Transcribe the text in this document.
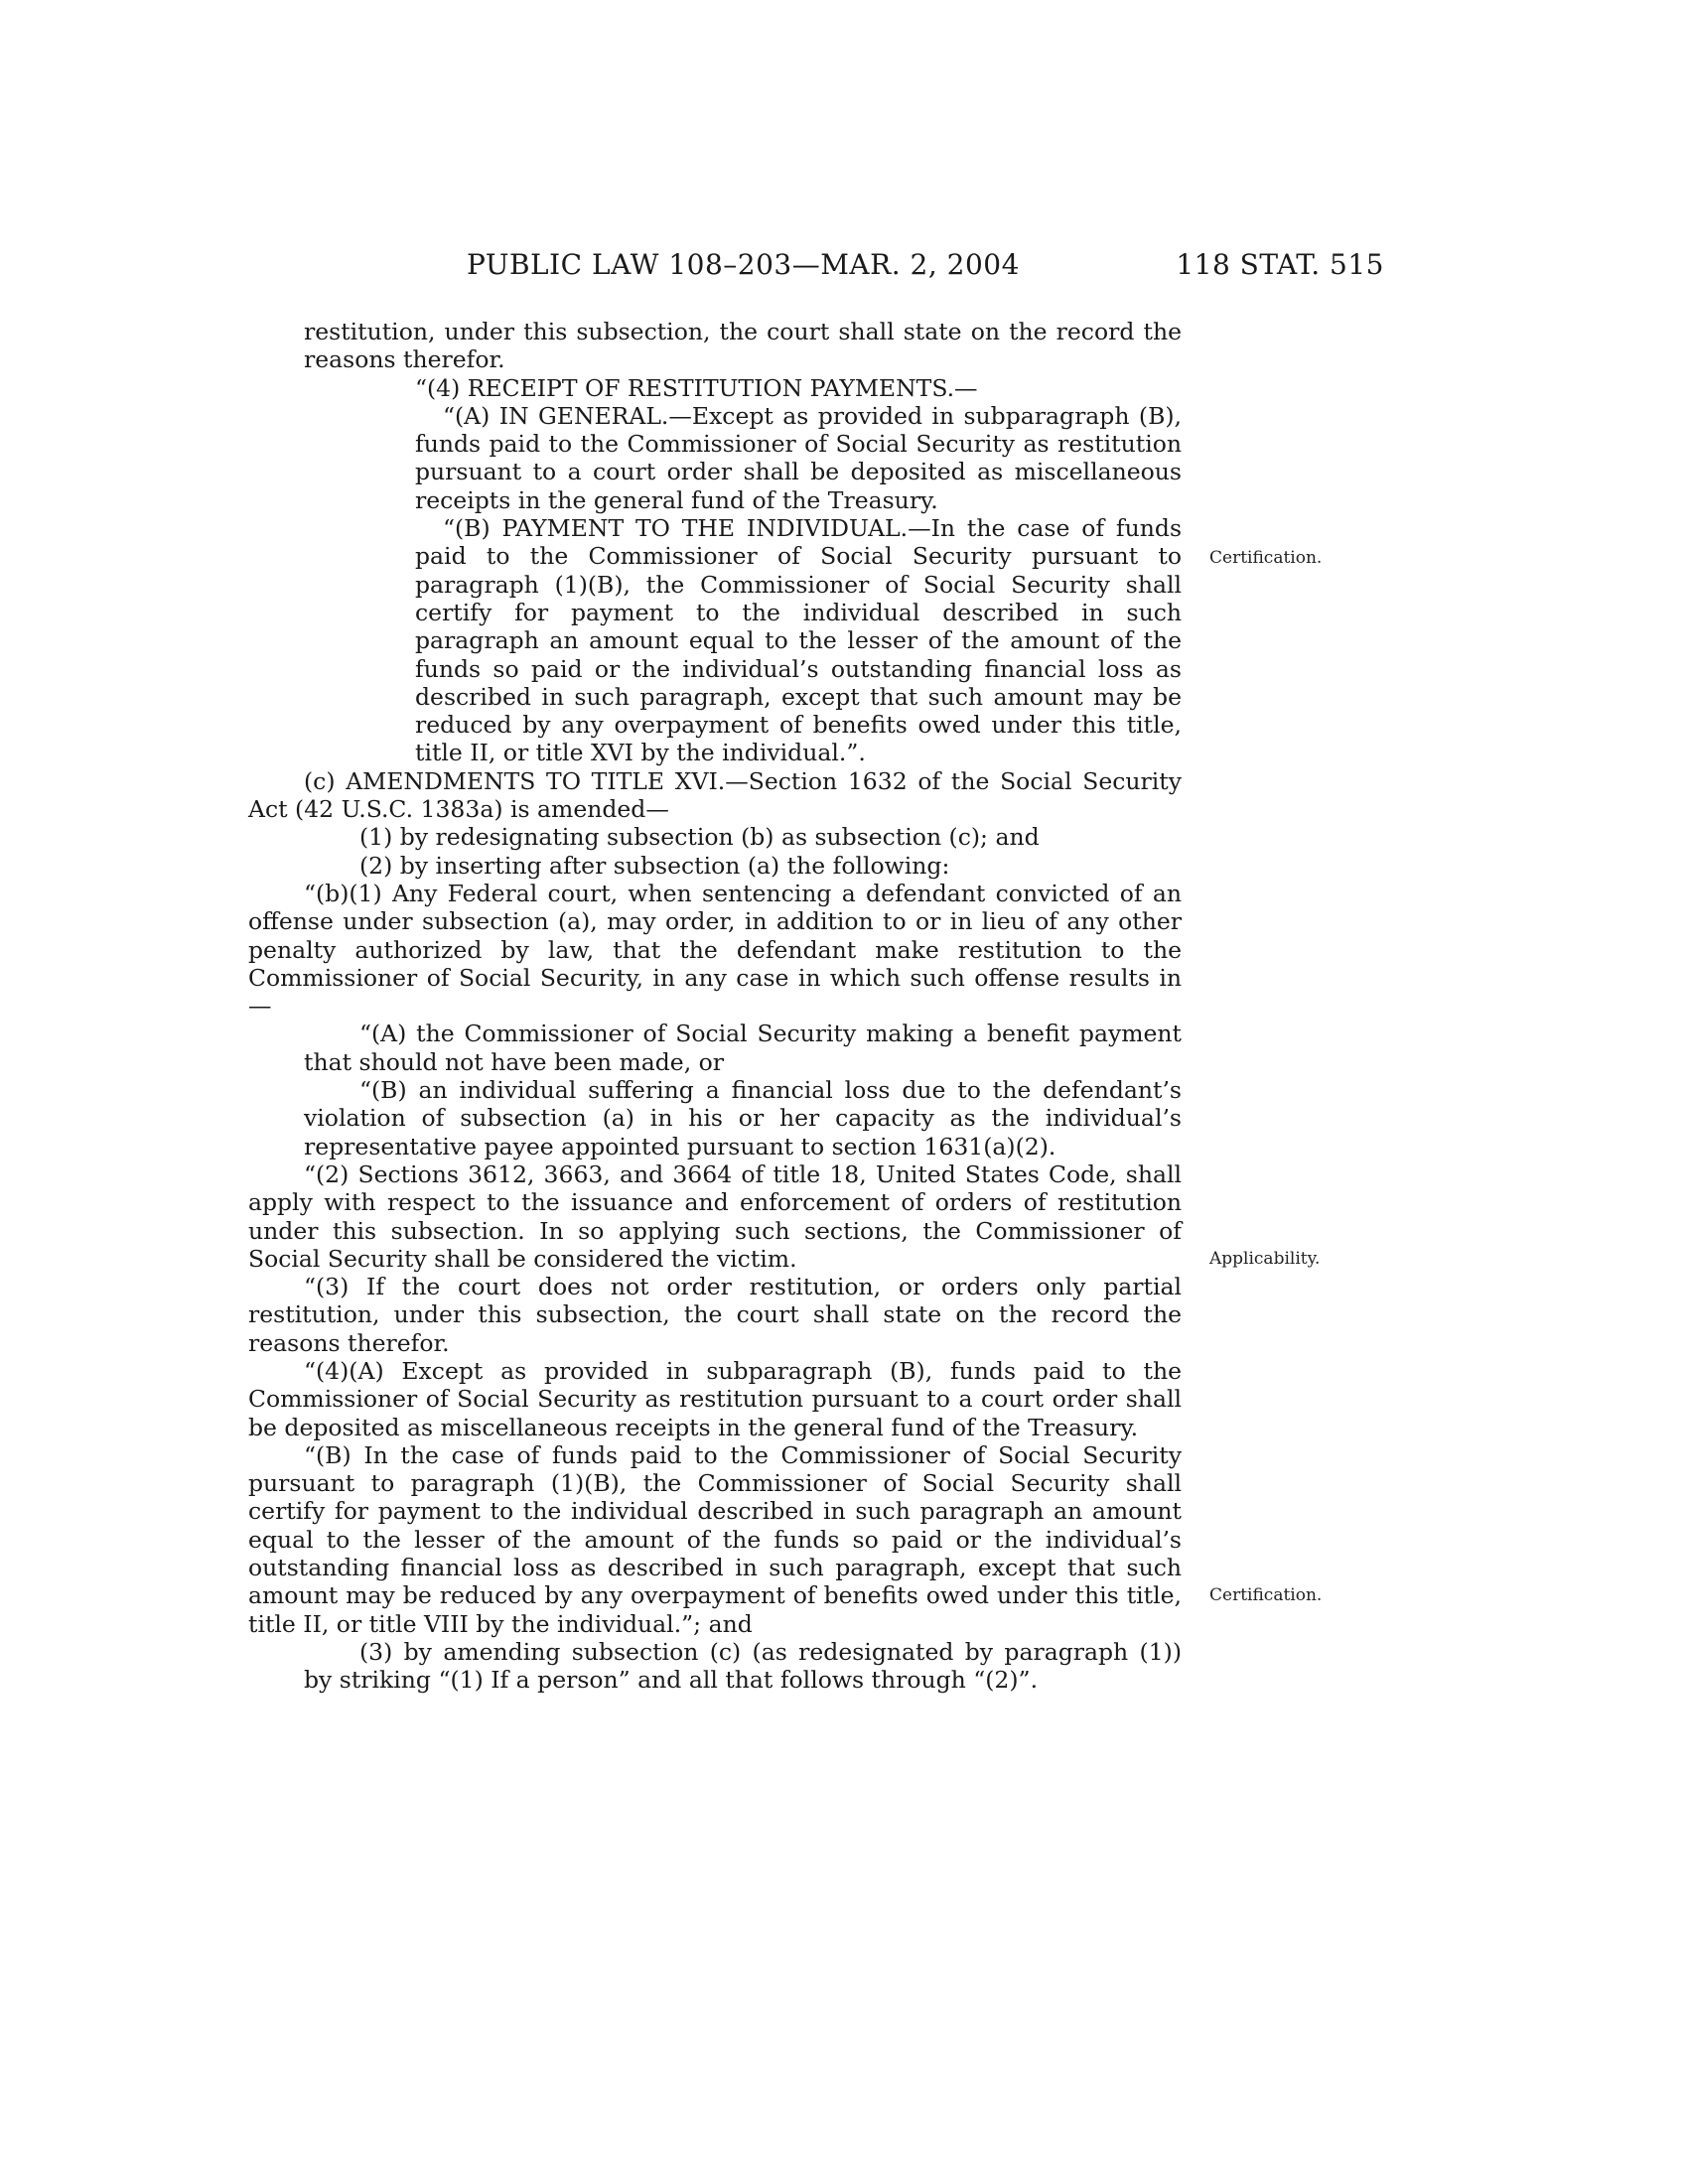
PUBLIC LAW 108–203—MAR. 2, 2004	118 STAT. 515

restitution, under this subsection, the court shall state on the record the reasons therefor.

“(4) RECEIPT OF RESTITUTION PAYMENTS.—

“(A) IN GENERAL.—Except as provided in subparagraph (B), funds paid to the Commissioner of Social Security as restitution pursuant to a court order shall be deposited as miscellaneous receipts in the general fund of the Treasury.

“(B) PAYMENT TO THE INDIVIDUAL.—In the case of funds paid to the Commissioner of Social Security pursuant to paragraph (1)(B), the Commissioner of Social Security shall certify for payment to the individual described in such paragraph an amount equal to the lesser of the amount of the funds so paid or the individual’s outstanding financial loss as described in such paragraph, except that such amount may be reduced by any overpayment of benefits owed under this title, title II, or title XVI by the individual.”.

(c) AMENDMENTS TO TITLE XVI.—Section 1632 of the Social Security Act (42 U.S.C. 1383a) is amended—

(1) by redesignating subsection (b) as subsection (c); and

(2) by inserting after subsection (a) the following:

“(b)(1) Any Federal court, when sentencing a defendant convicted of an offense under subsection (a), may order, in addition to or in lieu of any other penalty authorized by law, that the defendant make restitution to the Commissioner of Social Security, in any case in which such offense results in—

“(A) the Commissioner of Social Security making a benefit payment that should not have been made, or

“(B) an individual suffering a financial loss due to the defendant’s violation of subsection (a) in his or her capacity as the individual’s representative payee appointed pursuant to section 1631(a)(2).

“(2) Sections 3612, 3663, and 3664 of title 18, United States Code, shall apply with respect to the issuance and enforcement of orders of restitution under this subsection. In so applying such sections, the Commissioner of Social Security shall be considered the victim.

“(3) If the court does not order restitution, or orders only partial restitution, under this subsection, the court shall state on the record the reasons therefor.

“(4)(A) Except as provided in subparagraph (B), funds paid to the Commissioner of Social Security as restitution pursuant to a court order shall be deposited as miscellaneous receipts in the general fund of the Treasury.

“(B) In the case of funds paid to the Commissioner of Social Security pursuant to paragraph (1)(B), the Commissioner of Social Security shall certify for payment to the individual described in such paragraph an amount equal to the lesser of the amount of the funds so paid or the individual’s outstanding financial loss as described in such paragraph, except that such amount may be reduced by any overpayment of benefits owed under this title, title II, or title VIII by the individual.”; and

(3) by amending subsection (c) (as redesignated by paragraph (1)) by striking “(1) If a person” and all that follows through “(2)”.

Certification.
Applicability.
Certification.
